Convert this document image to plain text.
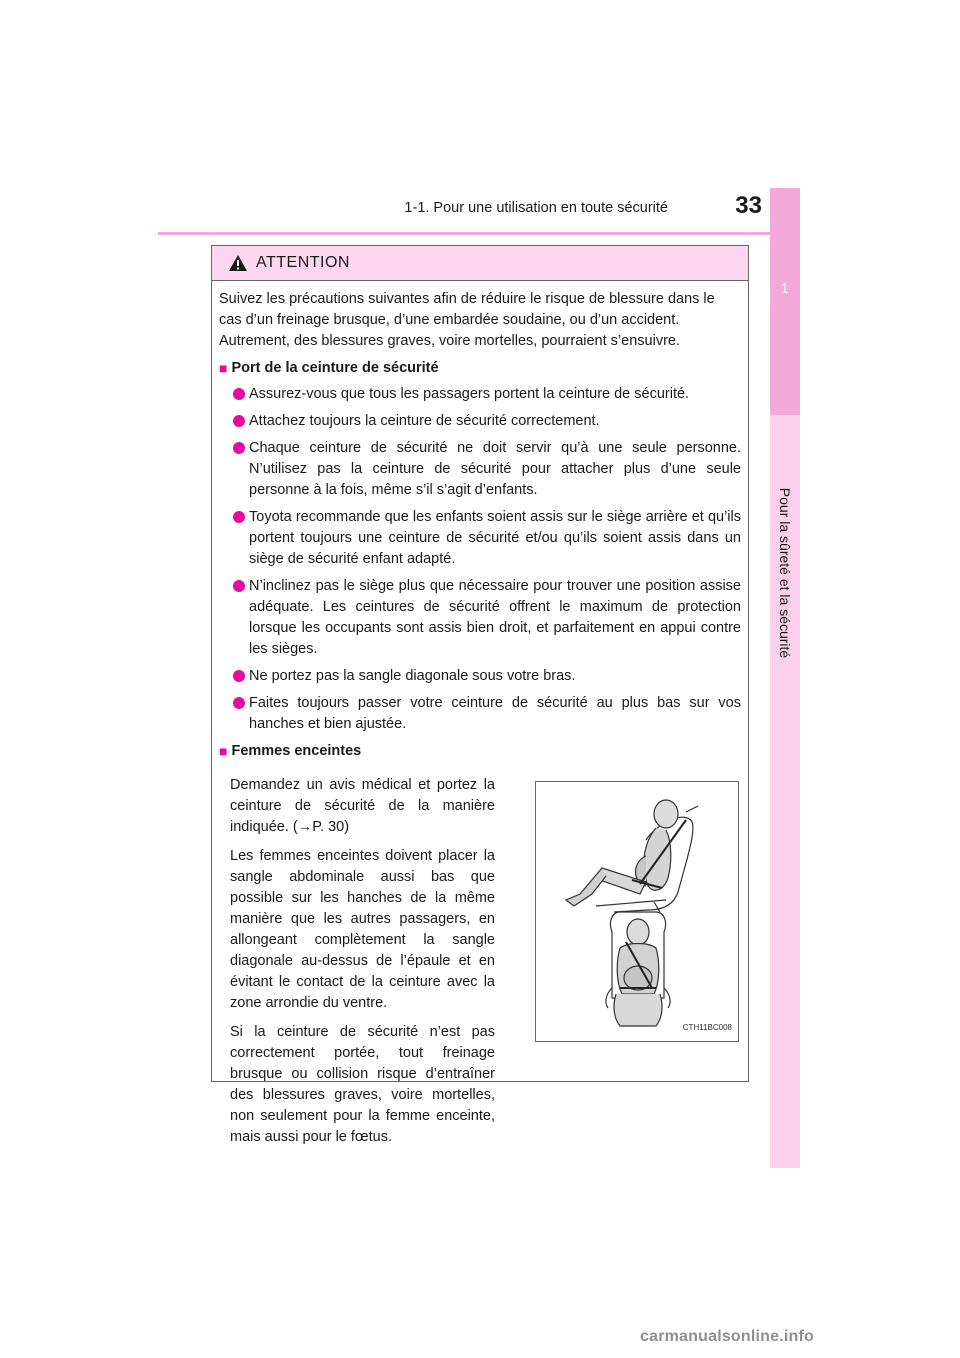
1-1. Pour une utilisation en toute sécurité	33
1
Pour la sûreté et la sécurité
ATTENTION

Suivez les précautions suivantes afin de réduire le risque de blessure dans le cas d’un freinage brusque, d’une embardée soudaine, ou d’un accident. Autrement, des blessures graves, voire mortelles, pourraient s’ensuivre.

■ Port de la ceinture de sécurité
Assurez-vous que tous les passagers portent la ceinture de sécurité.
Attachez toujours la ceinture de sécurité correctement.
Chaque ceinture de sécurité ne doit servir qu’à une seule personne. N’utilisez pas la ceinture de sécurité pour attacher plus d’une seule personne à la fois, même s’il s’agit d’enfants.
Toyota recommande que les enfants soient assis sur le siège arrière et qu’ils portent toujours une ceinture de sécurité et/ou qu’ils soient assis dans un siège de sécurité enfant adapté.
N’inclinez pas le siège plus que nécessaire pour trouver une position assise adéquate. Les ceintures de sécurité offrent le maximum de protection lorsque les occupants sont assis bien droit, et parfaitement en appui contre les sièges.
Ne portez pas la sangle diagonale sous votre bras.
Faites toujours passer votre ceinture de sécurité au plus bas sur vos hanches et bien ajustée.
■ Femmes enceintes

Demandez un avis médical et portez la ceinture de sécurité de la manière indiquée. (→P. 30)

Les femmes enceintes doivent placer la sangle abdominale aussi bas que possible sur les hanches de la même manière que les autres passagers, en allongeant complètement la sangle diagonale au-dessus de l’épaule et en évitant le contact de la ceinture avec la zone arrondie du ventre.

Si la ceinture de sécurité n’est pas correctement portée, tout freinage brusque ou collision risque d’entraîner des blessures graves, voire mortelles, non seulement pour la femme enceinte, mais aussi pour le fœtus.

CTH11BC008
carmanualsonline.info
